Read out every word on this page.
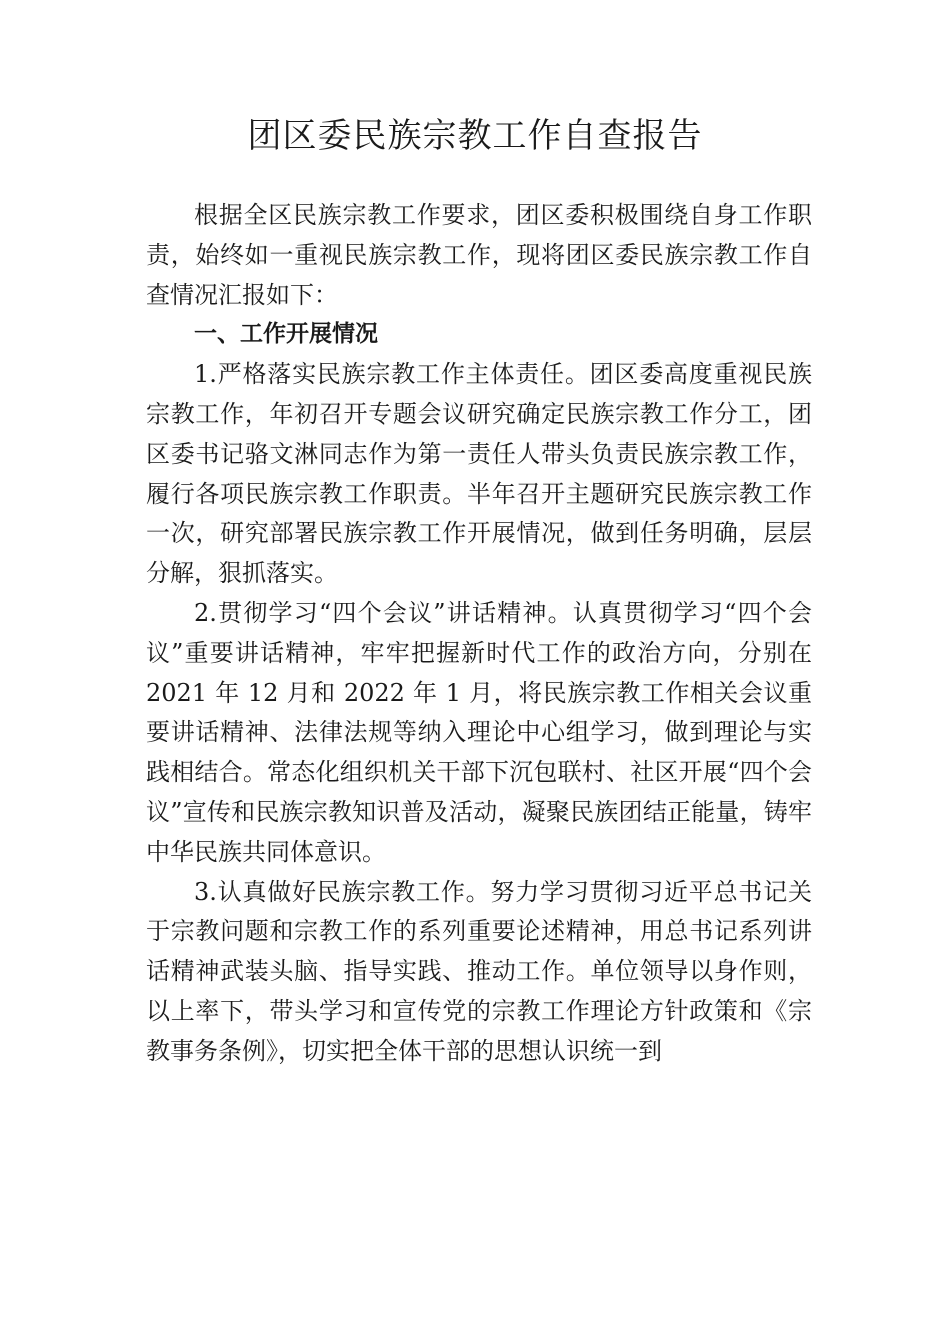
团区委民族宗教工作自查报告

根据全区民族宗教工作要求，团区委积极围绕自身工作职责，始终如一重视民族宗教工作，现将团区委民族宗教工作自查情况汇报如下：

一、工作开展情况

1.严格落实民族宗教工作主体责任。团区委高度重视民族宗教工作，年初召开专题会议研究确定民族宗教工作分工，团区委书记骆文淋同志作为第一责任人带头负责民族宗教工作，履行各项民族宗教工作职责。半年召开主题研究民族宗教工作一次，研究部署民族宗教工作开展情况，做到任务明确，层层分解，狠抓落实。

2.贯彻学习“四个会议”讲话精神。认真贯彻学习“四个会议”重要讲话精神，牢牢把握新时代工作的政治方向，分别在 2021 年 12 月和 2022 年 1 月，将民族宗教工作相关会议重要讲话精神、法律法规等纳入理论中心组学习，做到理论与实践相结合。常态化组织机关干部下沉包联村、社区开展“四个会议”宣传和民族宗教知识普及活动，凝聚民族团结正能量，铸牢中华民族共同体意识。

3.认真做好民族宗教工作。努力学习贯彻习近平总书记关于宗教问题和宗教工作的系列重要论述精神，用总书记系列讲话精神武装头脑、指导实践、推动工作。单位领导以身作则，以上率下，带头学习和宣传党的宗教工作理论方针政策和《宗教事务条例》，切实把全体干部的思想认识统一到
